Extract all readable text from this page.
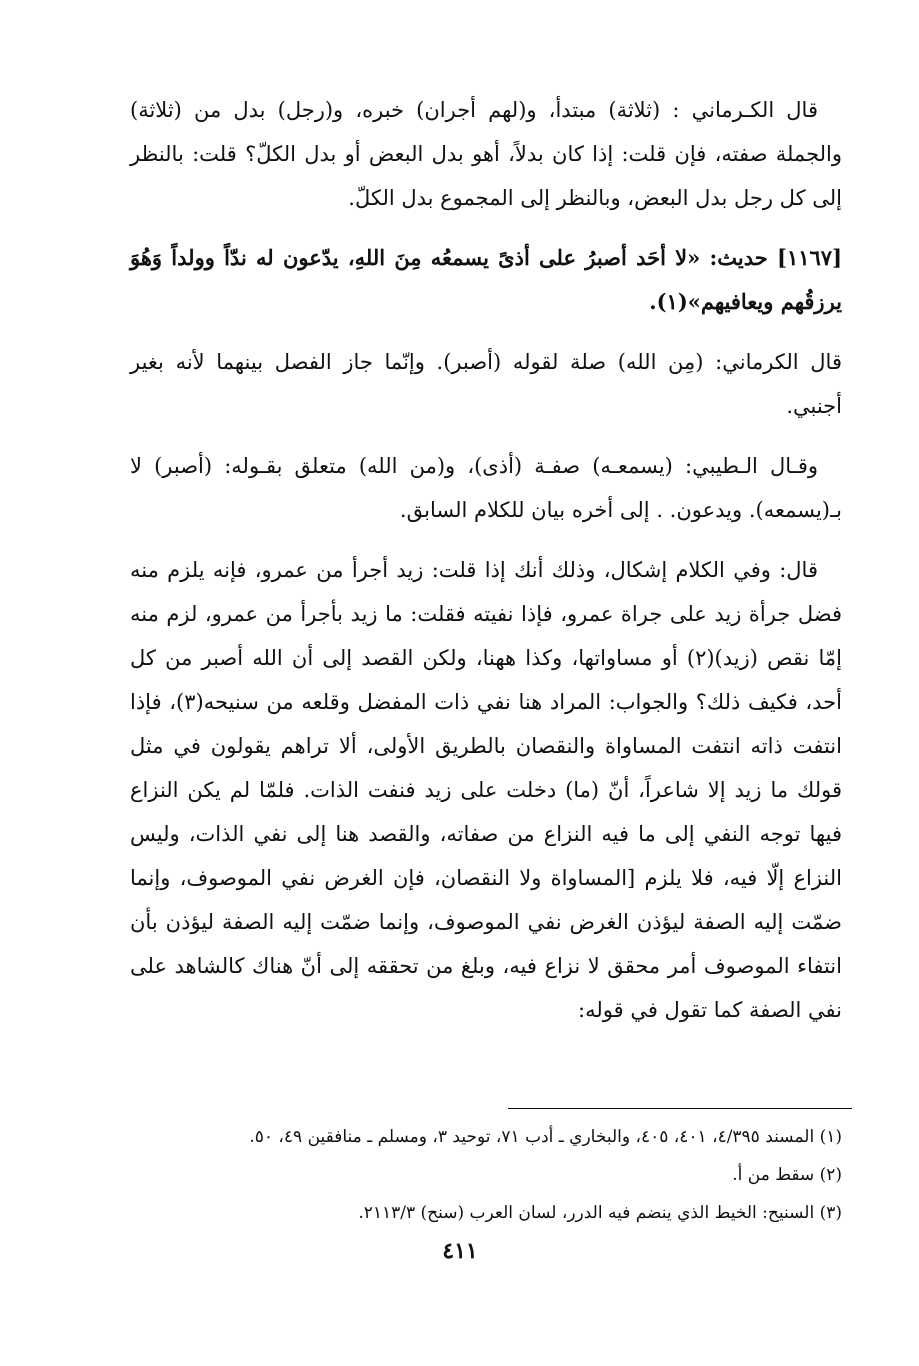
قال الكـرماني : (ثلاثة) مبتدأ، و(لهم أجران) خبره، و(رجل) بدل من (ثلاثة) والجملة صفته، فإن قلت: إذا كان بدلاً، أهو بدل البعض أو بدل الكلّ؟ قلت: بالنظر إلى كل رجل بدل البعض، وبالنظر إلى المجموع بدل الكلّ.

[١١٦٧] حديث: «لا أحَد أصبرُ على أذىً يسمعُه مِنَ اللهِ، يدّعون له ندّاً وولداً وَهُوَ يرزقُهم ويعافيهم»(١).

قال الكرماني: (مِن الله) صلة لقوله (أصبر). وإنّما جاز الفصل بينهما لأنه بغير أجنبي.

وقـال الـطيبي: (يسمعـه) صفـة (أذى)، و(من الله) متعلق بقـوله: (أصبر) لا بـ(يسمعه). ويدعون. . إلى أخره بيان للكلام السابق.

قال: وفي الكلام إشكال، وذلك أنك إذا قلت: زيد أجرأ من عمرو، فإنه يلزم منه فضل جرأة زيد على جراة عمرو، فإذا نفيته فقلت: ما زيد بأجرأ من عمرو، لزم منه إمّا نقص (زيد)(٢) أو مساواتها، وكذا ههنا، ولكن القصد إلى أن الله أصبر من كل أحد، فكيف ذلك؟ والجواب: المراد هنا نفي ذات المفضل وقلعه من سنيحه(٣)، فإذا انتفت ذاته انتفت المساواة والنقصان بالطريق الأولى، ألا تراهم يقولون في مثل قولك ما زيد إلا شاعراً، أنّ (ما) دخلت على زيد فنفت الذات. فلمّا لم يكن النزاع فيها توجه النفي إلى ما فيه النزاع من صفاته، والقصد هنا إلى نفي الذات، وليس النزاع إلّا فيه، فلا يلزم [المساواة ولا النقصان، فإن الغرض نفي الموصوف، وإنما ضمّت إليه الصفة ليؤذن الغرض نفي الموصوف، وإنما ضمّت إليه الصفة ليؤذن بأن انتفاء الموصوف أمر محقق لا نزاع فيه، وبلغ من تحققه إلى أنّ هناك كالشاهد على نفي الصفة كما تقول في قوله:

(١) المسند ٤/٣٩٥، ٤٠١، ٤٠٥، والبخاري ـ أدب ٧١، توحيد ٣، ومسلم ـ منافقين ٤٩، ٥٠.
(٢) سقط من أ.
(٣) السنيح: الخيط الذي ينضم فيه الدرر، لسان العرب (سنح) ٢١١٣/٣.
٤١١
